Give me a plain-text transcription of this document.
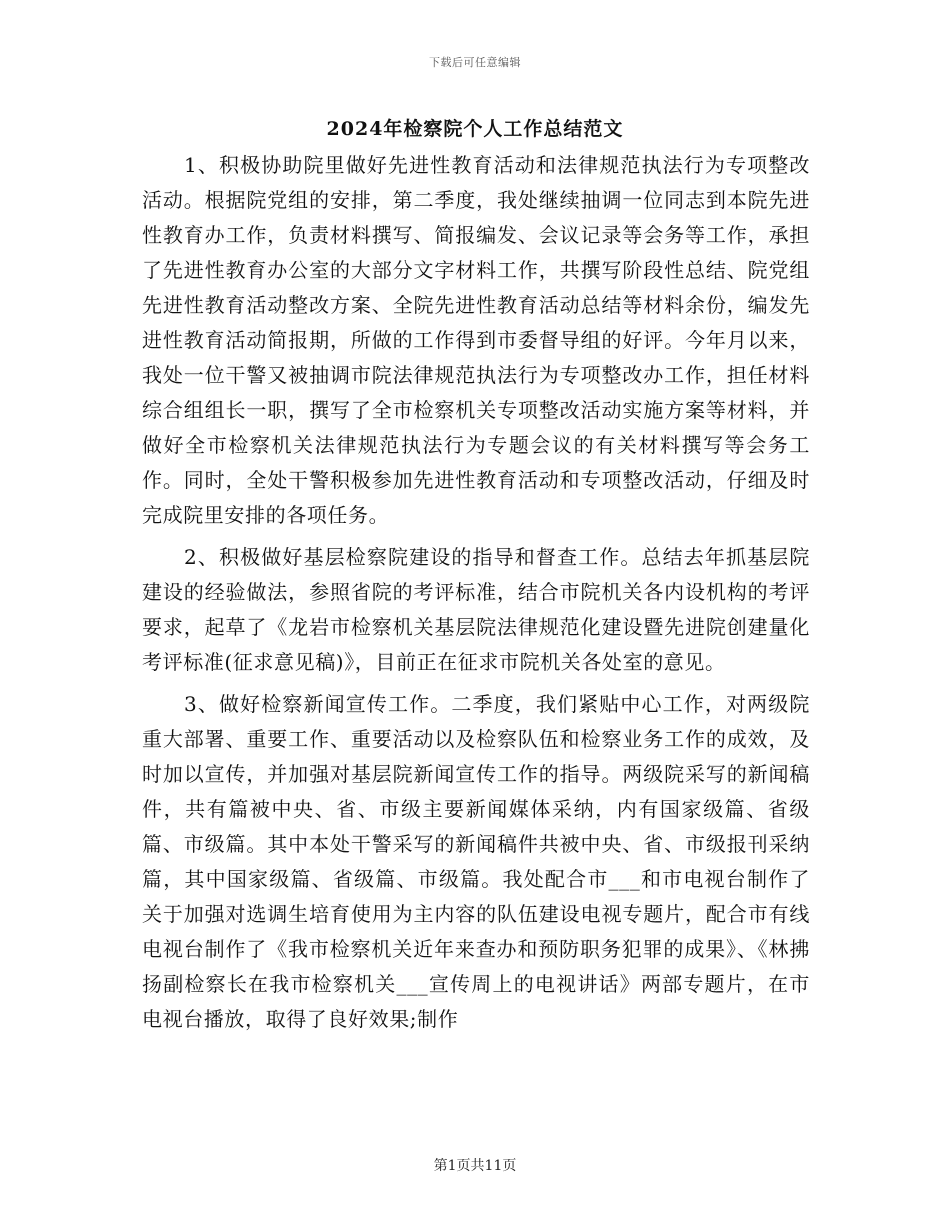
下载后可任意编辑
2024年检察院个人工作总结范文

1、积极协助院里做好先进性教育活动和法律规范执法行为专项整改活动。根据院党组的安排，第二季度，我处继续抽调一位同志到本院先进性教育办工作，负责材料撰写、简报编发、会议记录等会务等工作，承担了先进性教育办公室的大部分文字材料工作，共撰写阶段性总结、院党组先进性教育活动整改方案、全院先进性教育活动总结等材料余份，编发先进性教育活动简报期，所做的工作得到市委督导组的好评。今年月以来，我处一位干警又被抽调市院法律规范执法行为专项整改办工作，担任材料综合组组长一职，撰写了全市检察机关专项整改活动实施方案等材料，并做好全市检察机关法律规范执法行为专题会议的有关材料撰写等会务工作。同时，全处干警积极参加先进性教育活动和专项整改活动，仔细及时完成院里安排的各项任务。

2、积极做好基层检察院建设的指导和督查工作。总结去年抓基层院建设的经验做法，参照省院的考评标准，结合市院机关各内设机构的考评要求，起草了《龙岩市检察机关基层院法律规范化建设暨先进院创建量化考评标准(征求意见稿)》，目前正在征求市院机关各处室的意见。

3、做好检察新闻宣传工作。二季度，我们紧贴中心工作，对两级院重大部署、重要工作、重要活动以及检察队伍和检察业务工作的成效，及时加以宣传，并加强对基层院新闻宣传工作的指导。两级院采写的新闻稿件，共有篇被中央、省、市级主要新闻媒体采纳，内有国家级篇、省级篇、市级篇。其中本处干警采写的新闻稿件共被中央、省、市级报刊采纳篇，其中国家级篇、省级篇、市级篇。我处配合市___和市电视台制作了关于加强对选调生培育使用为主内容的队伍建设电视专题片，配合市有线电视台制作了《我市检察机关近年来查办和预防职务犯罪的成果》、《林拂扬副检察长在我市检察机关___宣传周上的电视讲话》两部专题片，在市电视台播放，取得了良好效果;制作

第1页共11页
